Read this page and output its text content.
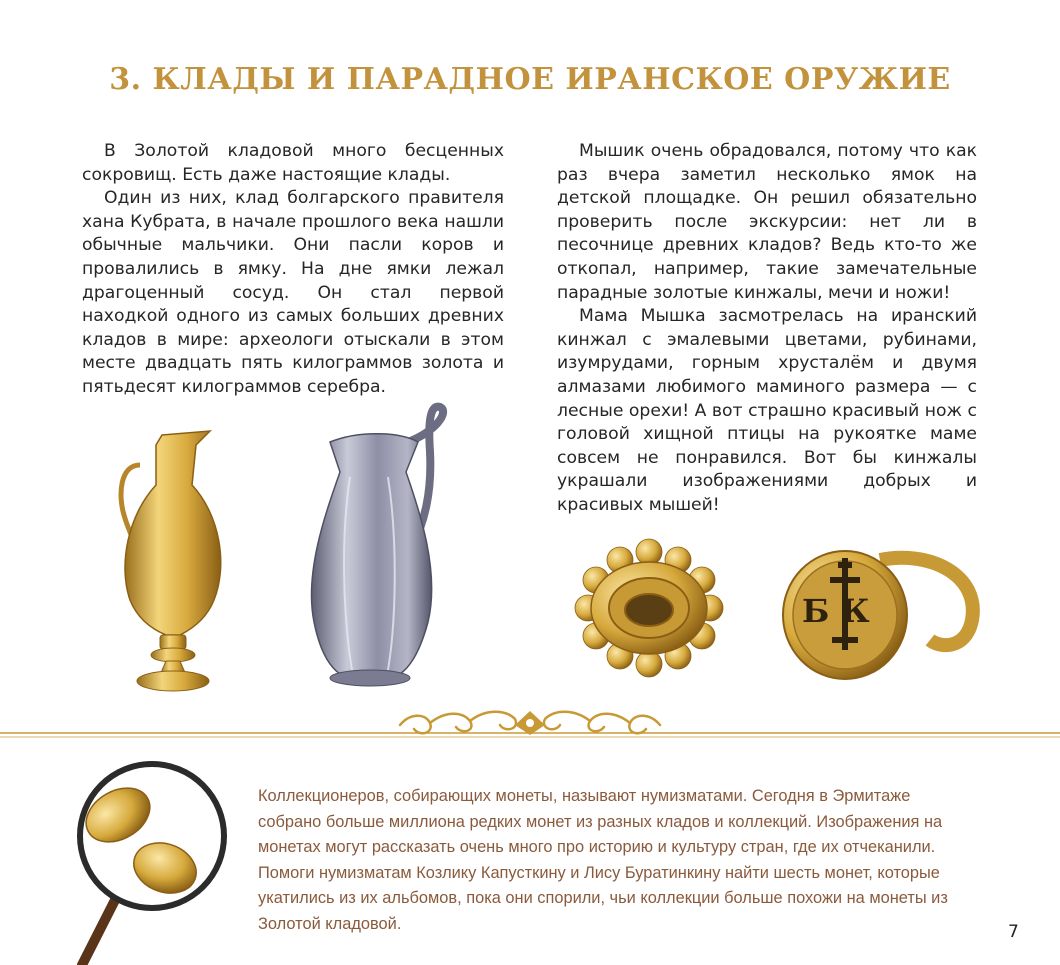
3. КЛАДЫ И ПАРАДНОЕ ИРАНСКОЕ ОРУЖИЕ

В Золотой кладовой много бесценных сокровищ. Есть даже настоящие клады.

Один из них, клад болгарского правителя хана Кубрата, в начале прошлого века нашли обычные мальчики. Они пасли коров и провалились в ямку. На дне ямки лежал драгоценный сосуд. Он стал первой находкой одного из самых больших древних кладов в мире: археологи отыскали в этом месте двадцать пять килограммов золота и пятьдесят килограммов серебра.

Мышик очень обрадовался, потому что как раз вчера заметил несколько ямок на детской площадке. Он решил обязательно проверить после экскурсии: нет ли в песочнице древних кладов? Ведь кто-то же откопал, например, такие замечательные парадные золотые кинжалы, мечи и ножи!

Мама Мышка засмотрелась на иранский кинжал с эмалевыми цветами, рубинами, изумрудами, горным хрусталём и двумя алмазами любимого маминого размера — с лесные орехи! А вот страшно красивый нож с головой хищной птицы на рукоятке маме совсем не понравился. Вот бы кинжалы украшали изображениями добрых и красивых мышей!

Б К
Коллекционеров, собирающих монеты, называют нумизматами. Сегодня в Эрмитаже собрано больше миллиона редких монет из разных кладов и коллекций. Изображения на монетах могут рассказать очень много про историю и культуру стран, где их отчеканили. Помоги нумизматам Козлику Капусткину и Лису Буратинкину найти шесть монет, которые укатились из их альбомов, пока они спорили, чьи коллекции больше похожи на монеты из Золотой кладовой.	7
